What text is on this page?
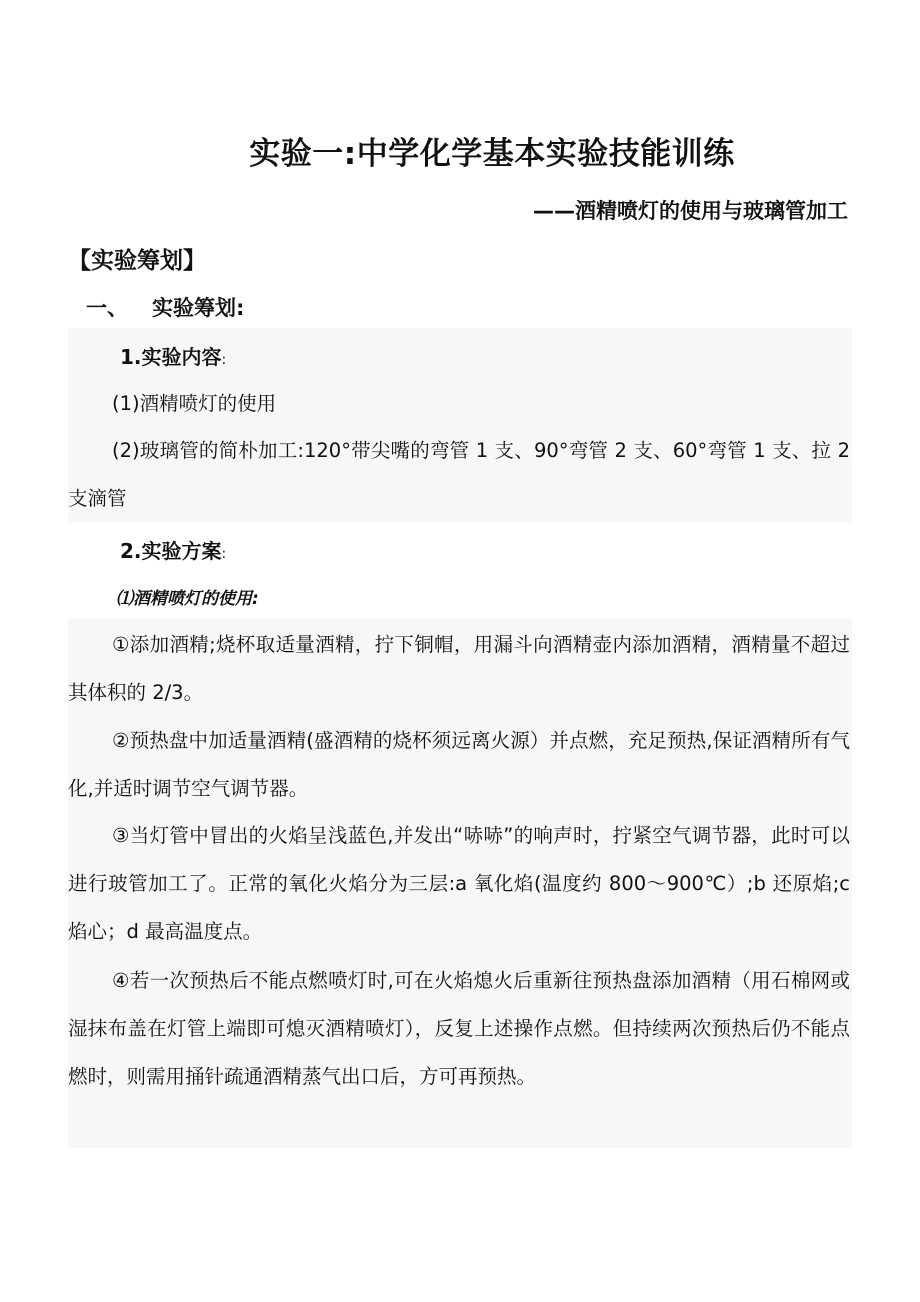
实验一:中学化学基本实验技能训练
——酒精喷灯的使用与玻璃管加工
【实验筹划】
一、 实验筹划:
1.实验内容:

(1)酒精喷灯的使用

(2)玻璃管的简朴加工:120°带尖嘴的弯管 1 支、90°弯管 2 支、60°弯管 1 支、拉 2 支滴管

2.实验方案:
⑴酒精喷灯的使用:

①添加酒精;烧杯取适量酒精，拧下铜帽，用漏斗向酒精壶内添加酒精，酒精量不超过其体积的 2/3。

②预热盘中加适量酒精(盛酒精的烧杯须远离火源）并点燃，充足预热,保证酒精所有气化,并适时调节空气调节器。

③当灯管中冒出的火焰呈浅蓝色,并发出“哧哧”的响声时，拧紧空气调节器，此时可以进行玻管加工了。正常的氧化火焰分为三层:a 氧化焰(温度约 800～900℃）;b 还原焰;c 焰心；d 最高温度点。

④若一次预热后不能点燃喷灯时,可在火焰熄火后重新往预热盘添加酒精（用石棉网或湿抹布盖在灯管上端即可熄灭酒精喷灯），反复上述操作点燃。但持续两次预热后仍不能点燃时，则需用捅针疏通酒精蒸气出口后，方可再预热。
